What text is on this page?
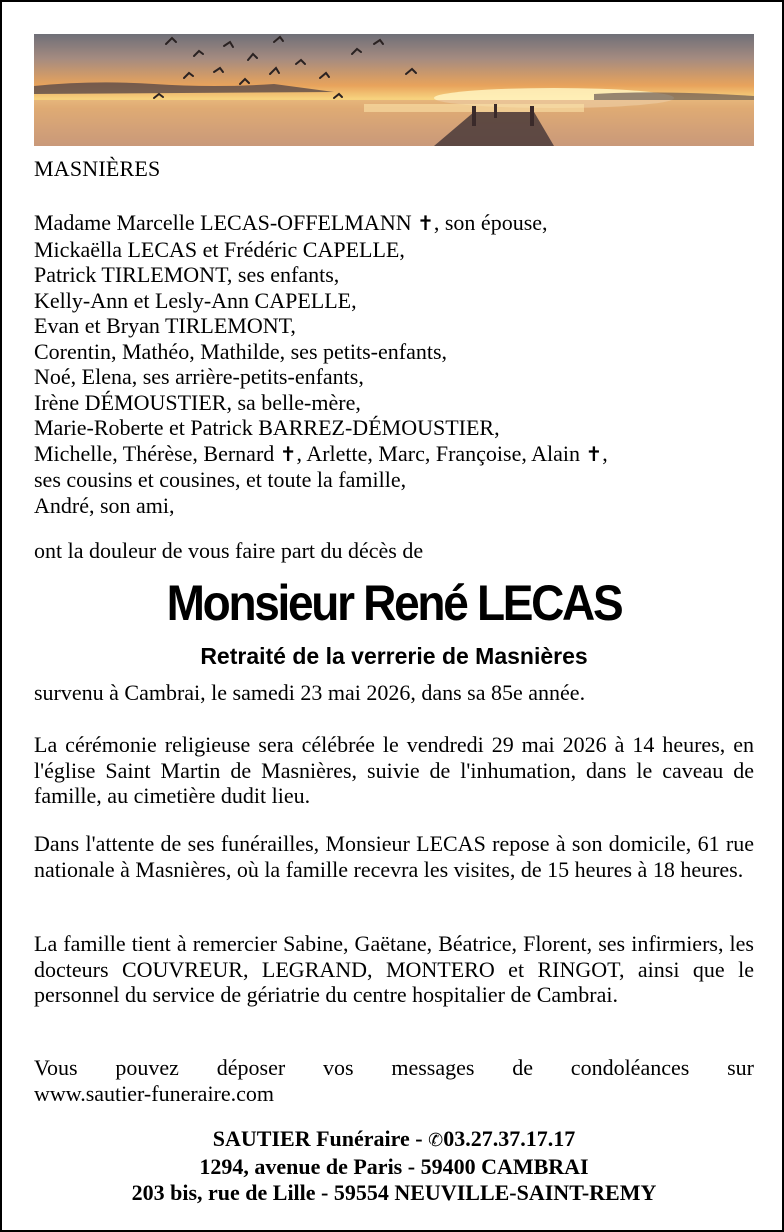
MASNIÈRES
Madame Marcelle LECAS-OFFELMANN ✝, son épouse,
Mickaëlla LECAS et Frédéric CAPELLE,
Patrick TIRLEMONT, ses enfants,
Kelly-Ann et Lesly-Ann CAPELLE,
Evan et Bryan TIRLEMONT,
Corentin, Mathéo, Mathilde, ses petits-enfants,
Noé, Elena, ses arrière-petits-enfants,
Irène DÉMOUSTIER, sa belle-mère,
Marie-Roberte et Patrick BARREZ-DÉMOUSTIER,
Michelle, Thérèse, Bernard ✝, Arlette, Marc, Françoise, Alain ✝,
ses cousins et cousines, et toute la famille,
André, son ami,
ont la douleur de vous faire part du décès de
Monsieur René LECAS
Retraité de la verrerie de Masnières
survenu à Cambrai, le samedi 23 mai 2026, dans sa 85e année.
La cérémonie religieuse sera célébrée le vendredi 29 mai 2026 à 14 heures, en l'église Saint Martin de Masnières, suivie de l'inhumation, dans le caveau de famille, au cimetière dudit lieu.
Dans l'attente de ses funérailles, Monsieur LECAS repose à son domicile, 61 rue nationale à Masnières, où la famille recevra les visites, de 15 heures à 18 heures.
La famille tient à remercier Sabine, Gaëtane, Béatrice, Florent, ses infirmiers, les docteurs COUVREUR, LEGRAND, MONTERO et RINGOT, ainsi que le personnel du service de gériatrie du centre hospitalier de Cambrai.
Vous pouvez déposer vos messages de condoléances sur
www.sautier-funeraire.com
SAUTIER Funéraire - ✆03.27.37.17.17
1294, avenue de Paris - 59400 CAMBRAI
203 bis, rue de Lille - 59554 NEUVILLE-SAINT-REMY
